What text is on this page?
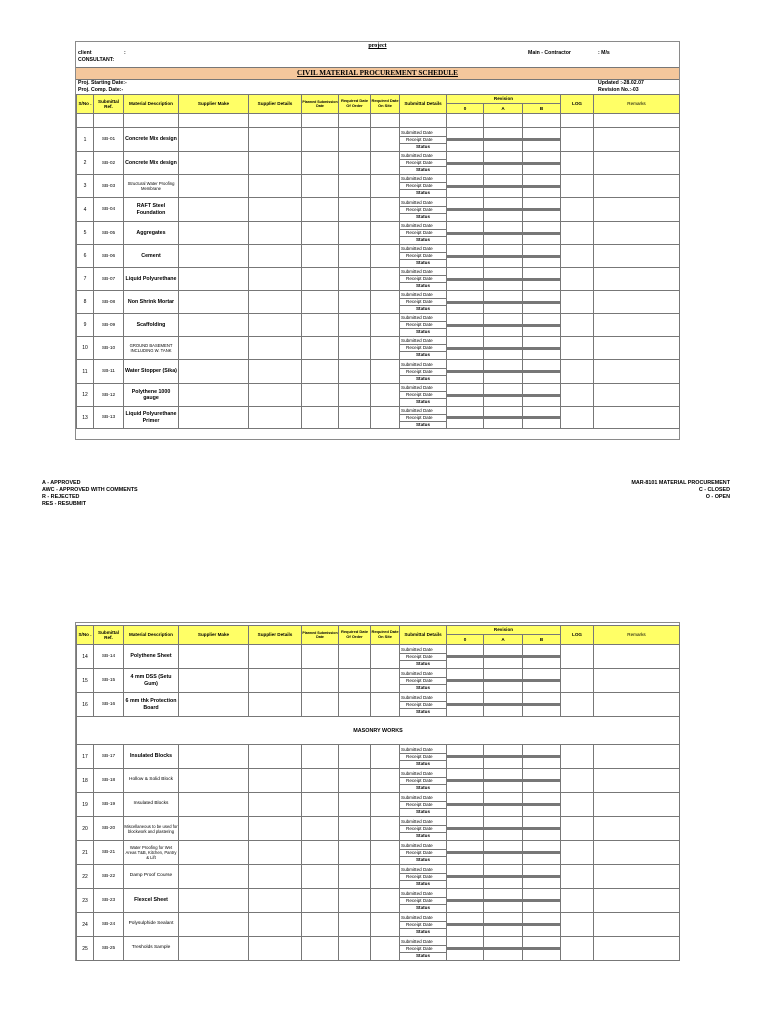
project
client	:
CONSULTANT:
Main - Contractor	: M/s
CIVIL MATERIAL PROCUREMENT SCHEDULE
Proj. Starting Date:-
Proj. Comp. Date:-
Updated :-28.02.07
Revision No.:-03
S/No .	Submittal Ref.	Material Description	Supplier Make	Supplier Details	Planned Submission Date	Required Date Of Order	Required Date On Site	Submittal Details	Revision			LOG	Remarks
									0	A	B		

1	SB-01	Concrete Mix design						Submitted Date
Receipt Date
Status					

2	SB-02	Concrete Mix design						Submitted Date
Receipt Date
Status					

3	SB-03	Structural Water Proofing Membrane						Submitted Date
Receipt Date
Status					

4	SB-04	RAFT Steel Foundation						Submitted Date
Receipt Date
Status					

5	SB-05	Aggregates						Submitted Date
Receipt Date
Status					

6	SB-06	Cement						Submitted Date
Receipt Date
Status					

7	SB-07	Liquid Polyurethane						Submitted Date
Receipt Date
Status					

8	SB-08	Non Shrink Mortar						Submitted Date
Receipt Date
Status					

9	SB-09	Scaffolding						Submitted Date
Receipt Date
Status					

10	SB-10	GROUND BASEMENT INCLUDING W. TANK						Submitted Date
Receipt Date
Status					

11	SB-11	Water Stopper (Sika)						Submitted Date
Receipt Date
Status					

12	SB-12	Polythene 1000 gauge						Submitted Date
Receipt Date
Status					

13	SB-13	Liquid Polyurethane Primer						Submitted Date
Receipt Date
Status					

A - APPROVED
AWC - APPROVED WITH COMMENTS
R - REJECTED
RES - RESUBMIT
MAR-8101 MATERIAL PROCUREMENT
C - CLOSED
O - OPEN
S/No .	Submittal Ref.	Material Description	Supplier Make	Supplier Details	Planned Submission Date	Required Date Of Order	Required Date On Site	Submittal Details	Revision			LOG	Remarks
									0	A	B		
14	SB-14	Polythene Sheet						Submitted Date
Receipt Date
Status					

15	SB-15	4 mm DSS (Setu Gum)						Submitted Date
Receipt Date
Status					

16	SB-16	6 mm thk Protection Board						Submitted Date
Receipt Date
Status					

MASONRY WORKS													
17	SB-17	Insulated Blocks						Submitted Date
Receipt Date
Status					

18	SB-18	Hollow & Solid Block						Submitted Date
Receipt Date
Status					

19	SB-19	Insulated Blocks						Submitted Date
Receipt Date
Status					

20	SB-20	Miscellaneous to be used for blockwork and plastering						Submitted Date
Receipt Date
Status					

21	SB-21	Water Proofing for Wet Areas T&B, Kitchen, Pantry & Lift						Submitted Date
Receipt Date
Status					

22	SB-22	Damp Proof Course						Submitted Date
Receipt Date
Status					

23	SB-23	Flexcel Sheet						Submitted Date
Receipt Date
Status					

24	SB-24	Polysulphide Sealant						Submitted Date
Receipt Date
Status					

25	SB-25	Tresholds Sample						Submitted Date
Receipt Date
Status					
